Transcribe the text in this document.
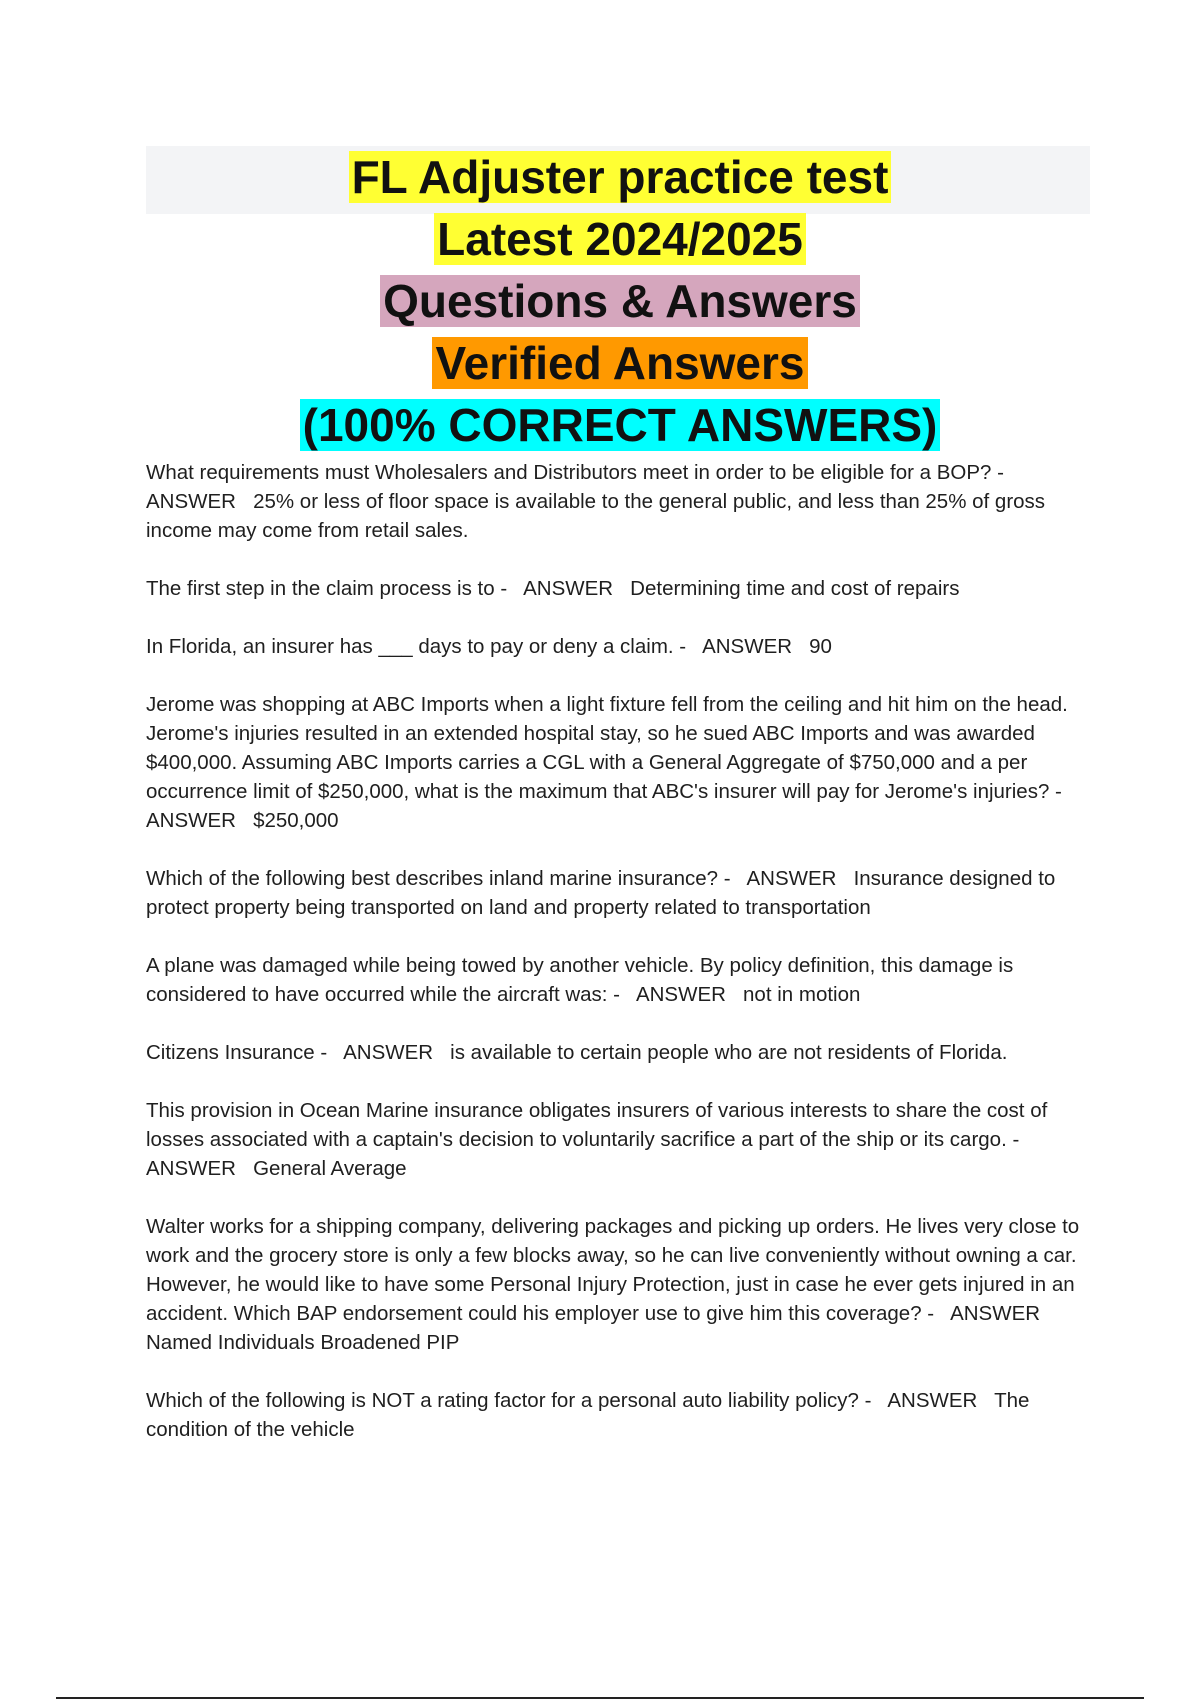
FL Adjuster practice test
Latest 2024/2025
Questions & Answers
Verified Answers
(100% CORRECT ANSWERS)

What requirements must Wholesalers and Distributors meet in order to be eligible for a BOP? - ANSWER   25% or less of floor space is available to the general public, and less than 25% of gross income may come from retail sales.

The first step in the claim process is to -   ANSWER   Determining time and cost of repairs

In Florida, an insurer has ___ days to pay or deny a claim. -   ANSWER   90

Jerome was shopping at ABC Imports when a light fixture fell from the ceiling and hit him on the head. Jerome's injuries resulted in an extended hospital stay, so he sued ABC Imports and was awarded $400,000. Assuming ABC Imports carries a CGL with a General Aggregate of $750,000 and a per occurrence limit of $250,000, what is the maximum that ABC's insurer will pay for Jerome's injuries? -   ANSWER   $250,000

Which of the following best describes inland marine insurance? -   ANSWER   Insurance designed to protect property being transported on land and property related to transportation

A plane was damaged while being towed by another vehicle. By policy definition, this damage is considered to have occurred while the aircraft was: -   ANSWER   not in motion

Citizens Insurance -   ANSWER   is available to certain people who are not residents of Florida.

This provision in Ocean Marine insurance obligates insurers of various interests to share the cost of losses associated with a captain's decision to voluntarily sacrifice a part of the ship or its cargo. -   ANSWER   General Average

Walter works for a shipping company, delivering packages and picking up orders. He lives very close to work and the grocery store is only a few blocks away, so he can live conveniently without owning a car. However, he would like to have some Personal Injury Protection, just in case he ever gets injured in an accident. Which BAP endorsement could his employer use to give him this coverage? -   ANSWER   Named Individuals Broadened PIP

Which of the following is NOT a rating factor for a personal auto liability policy? -   ANSWER   The condition of the vehicle
